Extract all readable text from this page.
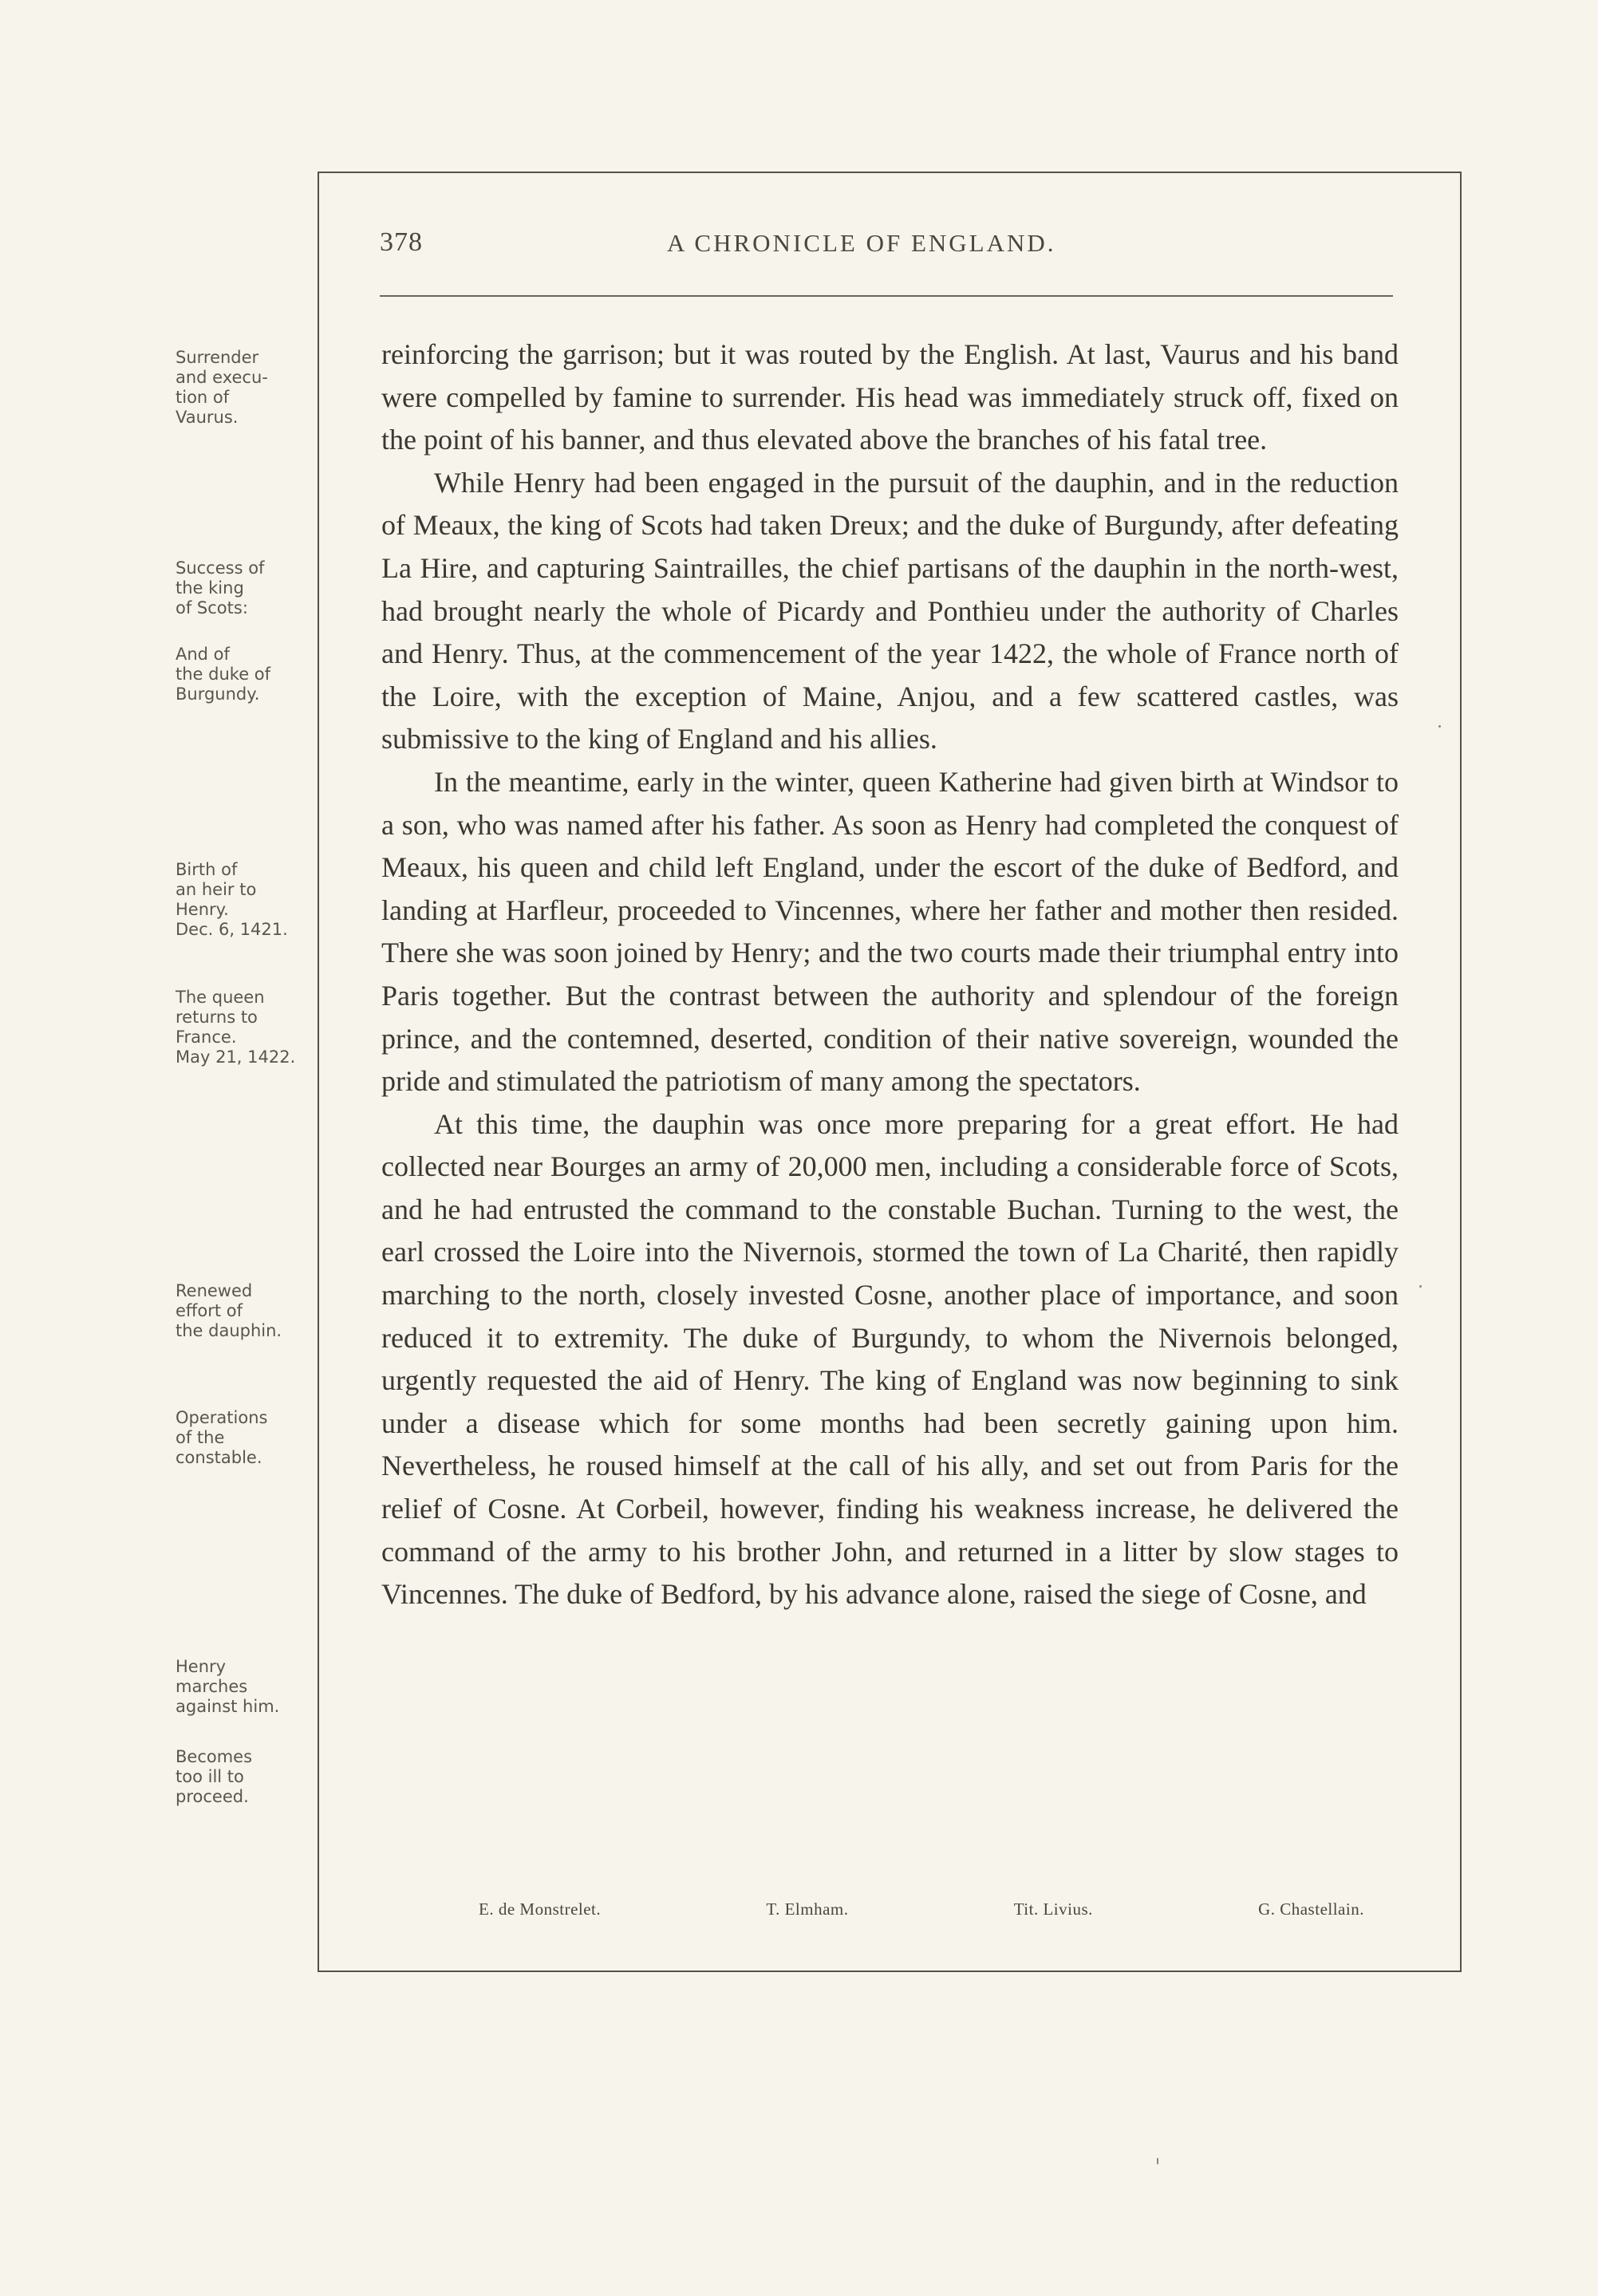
378	A CHRONICLE OF ENGLAND.
Surrender
and execu-
tion of
Vaurus.
Success of
the king
of Scots:
And of
the duke of
Burgundy.
Birth of
an heir to
Henry.
Dec. 6, 1421.
The queen
returns to
France.
May 21, 1422.
Renewed
effort of
the dauphin.
Operations
of the
constable.
Henry
marches
against him.
Becomes
too ill to
proceed.

reinforcing the garrison; but it was routed by the English. At last, Vaurus and his band were compelled by famine to surrender. His head was immediately struck off, fixed on the point of his banner, and thus elevated above the branches of his fatal tree.

While Henry had been engaged in the pursuit of the dauphin, and in the reduction of Meaux, the king of Scots had taken Dreux; and the duke of Burgundy, after defeating La Hire, and capturing Saintrailles, the chief partisans of the dauphin in the north-west, had brought nearly the whole of Picardy and Ponthieu under the authority of Charles and Henry. Thus, at the commencement of the year 1422, the whole of France north of the Loire, with the exception of Maine, Anjou, and a few scattered castles, was submissive to the king of England and his allies.

In the meantime, early in the winter, queen Katherine had given birth at Windsor to a son, who was named after his father. As soon as Henry had completed the conquest of Meaux, his queen and child left England, under the escort of the duke of Bedford, and landing at Harfleur, proceeded to Vincennes, where her father and mother then resided. There she was soon joined by Henry; and the two courts made their triumphal entry into Paris together. But the contrast between the authority and splendour of the foreign prince, and the contemned, deserted, condition of their native sovereign, wounded the pride and stimulated the patriotism of many among the spectators.

At this time, the dauphin was once more preparing for a great effort. He had collected near Bourges an army of 20,000 men, including a considerable force of Scots, and he had entrusted the command to the constable Buchan. Turning to the west, the earl crossed the Loire into the Nivernois, stormed the town of La Charité, then rapidly marching to the north, closely invested Cosne, another place of importance, and soon reduced it to extremity. The duke of Burgundy, to whom the Nivernois belonged, urgently requested the aid of Henry. The king of England was now beginning to sink under a disease which for some months had been secretly gaining upon him. Nevertheless, he roused himself at the call of his ally, and set out from Paris for the relief of Cosne. At Corbeil, however, finding his weakness increase, he delivered the command of the army to his brother John, and returned in a litter by slow stages to Vincennes. The duke of Bedford, by his advance alone, raised the siege of Cosne, and

E. de Monstrelet.	T. Elmham.	Tit. Livius.	G. Chastellain.
